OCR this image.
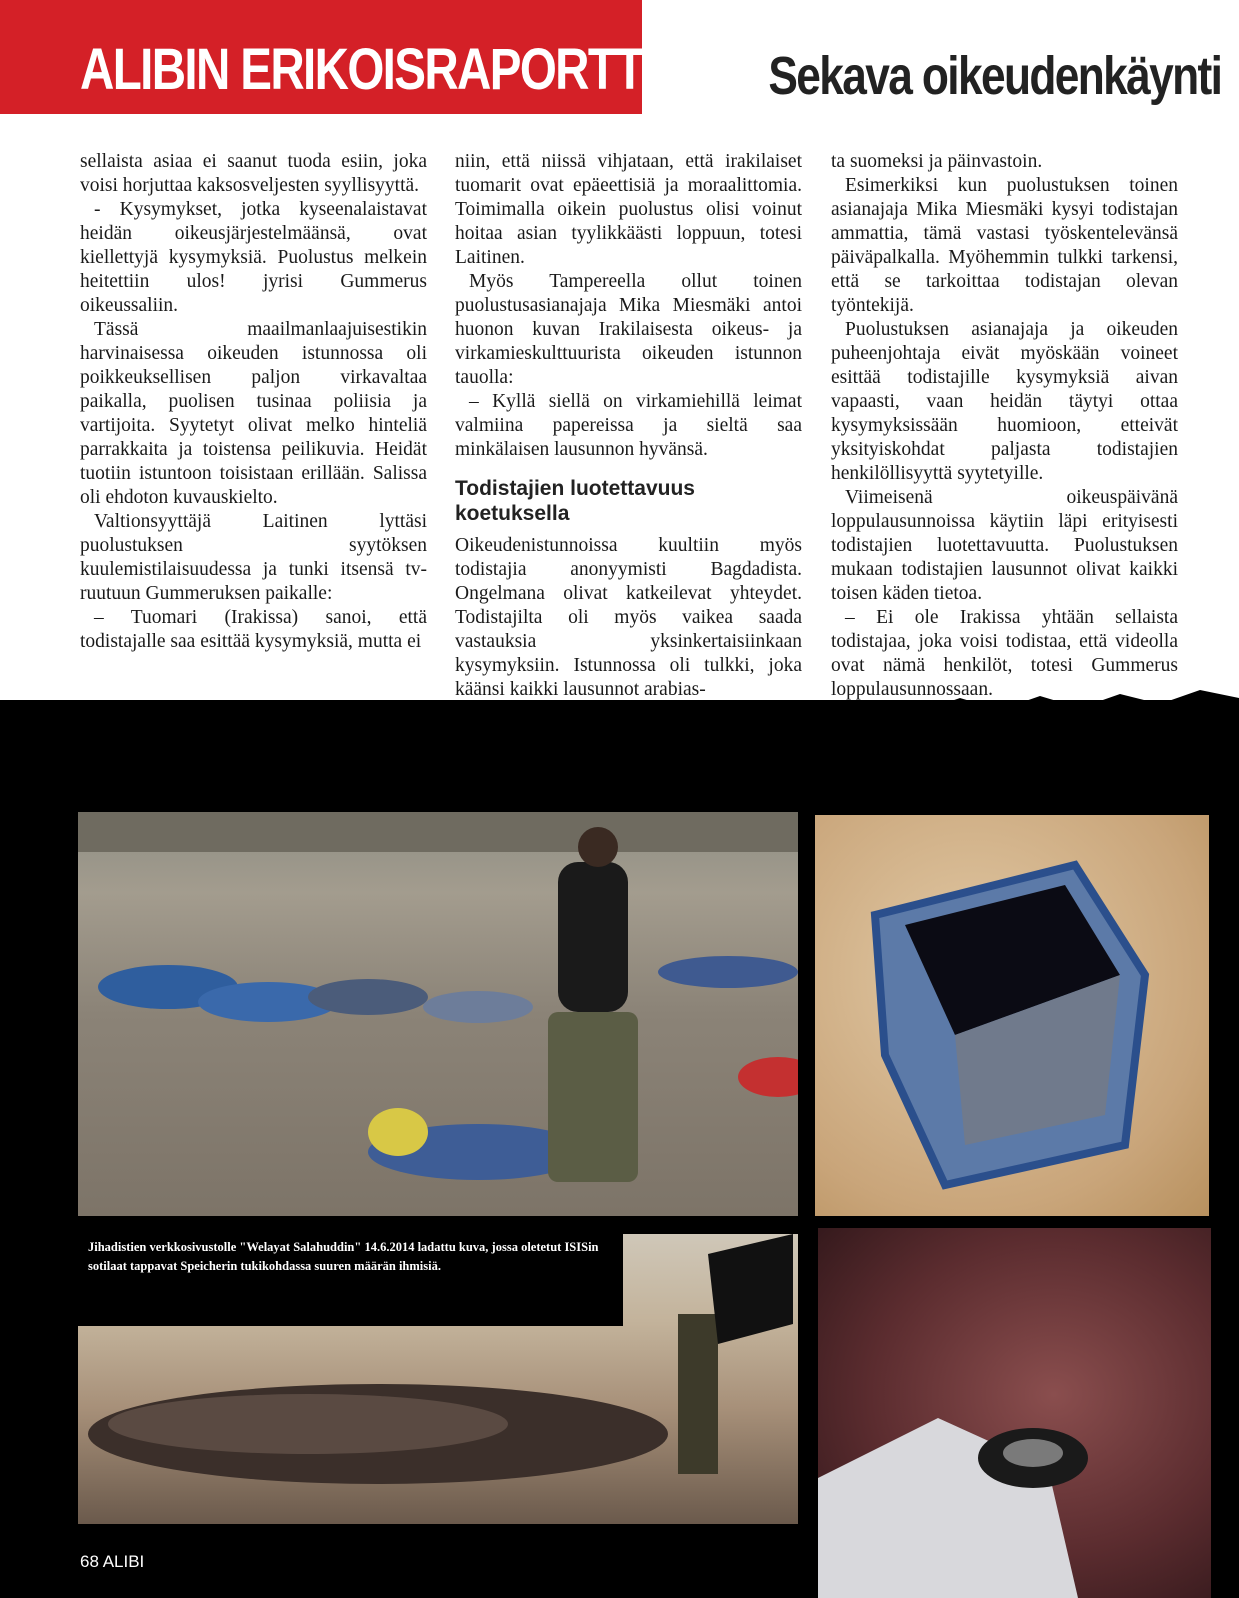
ALIBIN ERIKOISRAPORTTI Sekava oikeudenkäynti

sellaista asiaa ei saanut tuoda esiin, joka voisi horjuttaa kaksosveljesten syyllisyyttä.

- Kysymykset, jotka kyseenalaistavat heidän oikeusjärjestelmäänsä, ovat kiellettyjä kysymyksiä. Puolustus melkein heitettiin ulos! jyrisi Gummerus oikeussaliin.

Tässä maailmanlaajuisestikin harvinaisessa oikeuden istunnossa oli poikkeuksellisen paljon virkavaltaa paikalla, puolisen tusinaa poliisia ja vartijoita. Syytetyt olivat melko hinteliä parrakkaita ja toistensa peilikuvia. Heidät tuotiin istuntoon toisistaan erillään. Salissa oli ehdoton kuvauskielto.

Valtionsyyttäjä Laitinen lyttäsi puolustuksen syytöksen kuulemistilaisuudessa ja tunki itsensä tv-ruutuun Gummeruksen paikalle:

– Tuomari (Irakissa) sanoi, että todistajalle saa esittää kysymyksiä, mutta ei

niin, että niissä vihjataan, että irakilaiset tuomarit ovat epäeettisiä ja moraalittomia. Toimimalla oikein puolustus olisi voinut hoitaa asian tyylikkäästi loppuun, totesi Laitinen.

Myös Tampereella ollut toinen puolustusasianajaja Mika Miesmäki antoi huonon kuvan Irakilaisesta oikeus- ja virkamieskulttuurista oikeuden istunnon tauolla:

– Kyllä siellä on virkamiehillä leimat valmiina papereissa ja sieltä saa minkälaisen lausunnon hyvänsä.

Todistajien luotettavuus koetuksella

Oikeudenistunnoissa kuultiin myös todistajia anonyymisti Bagdadista. Ongelmana olivat katkeilevat yhteydet. Todistajilta oli myös vaikea saada vastauksia yksinkertaisiinkaan kysymyksiin. Istunnossa oli tulkki, joka käänsi kaikki lausunnot arabias-

ta suomeksi ja päinvastoin.

Esimerkiksi kun puolustuksen toinen asianajaja Mika Miesmäki kysyi todistajan ammattia, tämä vastasi työskentelevänsä päiväpalkalla. Myöhemmin tulkki tarkensi, että se tarkoittaa todistajan olevan työntekijä.

Puolustuksen asianajaja ja oikeuden puheenjohtaja eivät myöskään voineet esittää todistajille kysymyksiä aivan vapaasti, vaan heidän täytyi ottaa kysymyksissään huomioon, etteivät yksityiskohdat paljasta todistajien henkilöllisyyttä syytetyille.

Viimeisenä oikeuspäivänä loppulausunnoissa käytiin läpi erityisesti todistajien luotettavuutta. Puolustuksen mukaan todistajien lausunnot olivat kaikki toisen käden tietoa.

– Ei ole Irakissa yhtään sellaista todistajaa, joka voisi todistaa, että videolla ovat nämä henkilöt, totesi Gummerus loppulausunnossaan.

Jihadistien verkkosivustolle "Welayat Salahuddin" 14.6.2014 ladattu kuva, jossa oletetut ISISin sotilaat tappavat Speicherin tukikohdassa suuren määrän ihmisiä.
68 ALIBI
